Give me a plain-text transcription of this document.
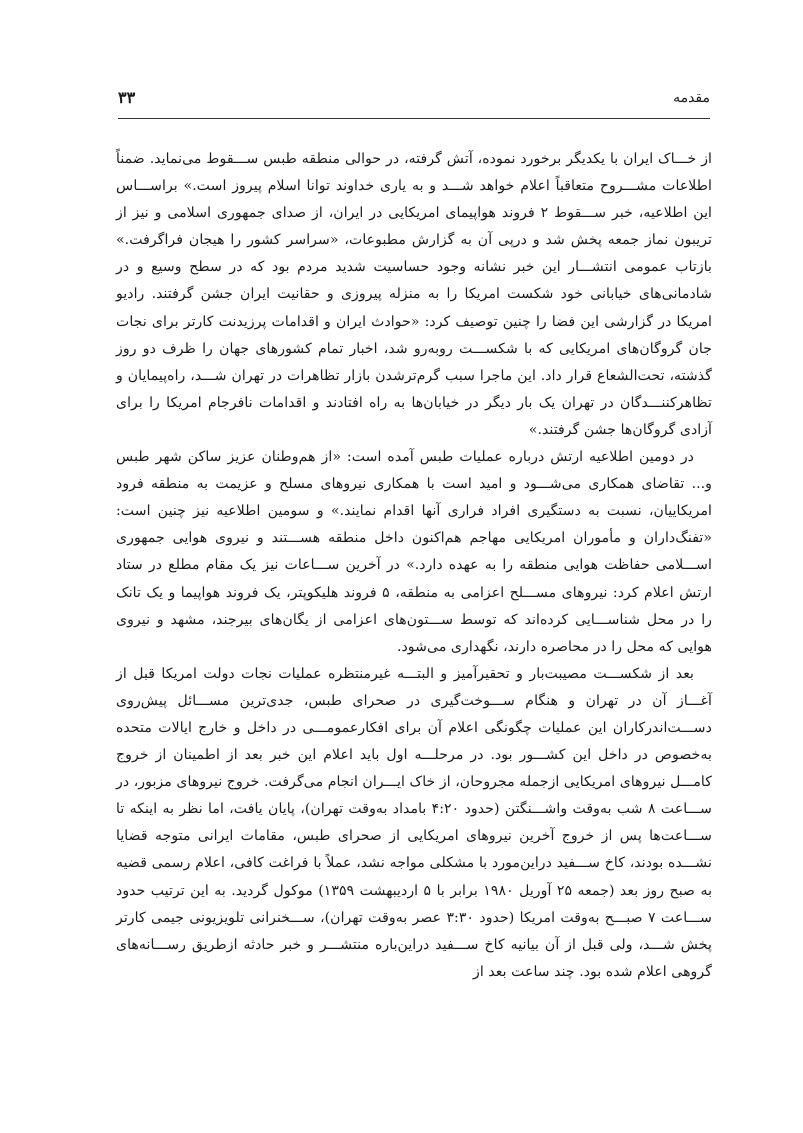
مقدمه
۳۳

از خـــاک ایران با یکدیگر برخورد نموده، آتش گرفته، در حوالی منطقه طبس ســـقوط می‌نماید. ضمناً اطلاعات مشـــروح متعاقباً اعلام خواهد شـــد و به یاری خداوند توانا اسلام پیروز است.» براســـاس این اطلاعیه، خبر ســـقوط ۲ فروند هواپیمای امریکایی در ایران، از صدای جمهوری اسلامی و نیز از تریبون نماز جمعه پخش شد و درپی آن به گزارش مطبوعات، «سراسر کشور را هیجان فراگرفت.» بازتاب عمومی انتشـــار این خبر نشانه وجود حساسیت شدید مردم بود که در سطح وسیع و در شادمانی‌های خیابانی خود شکست امریکا را به منزله پیروزی و حقانیت ایران جشن گرفتند. رادیو امریکا در گزارشی این فضا را چنین توصیف کرد: «حوادث ایران و اقدامات پرزیدنت کارتر برای نجات جان گروگان‌های امریکایی که با شکســـت روبه‌رو شد، اخبار تمام کشورهای جهان را ظرف دو روز گذشته، تحت‌الشعاع قرار داد. این ماجرا سبب گرم‌ترشدن بازار تظاهرات در تهران شـــد، راه‌پیمایان و تظاهرکننـــدگان در تهران یک بار دیگر در خیابان‌ها به راه افتادند و اقدامات نافرجام امریکا را برای آزادی گروگان‌ها جشن گرفتند.»

در دومین اطلاعیه ارتش درباره عملیات طبس آمده است: «از هم‌وطنان عزیز ساکن شهر طبس و... تقاضای همکاری می‌شـــود و امید است با همکاری نیروهای مسلح و عزیمت به منطقه فرود امریکاییان، نسبت به دستگیری افراد فراری آنها اقدام نمایند.» و سومین اطلاعیه نیز چنین است: «تفنگ‌داران و مأموران امریکایی مهاجم هم‌اکنون داخل منطقه هســـتند و نیروی هوایی جمهوری اســـلامی حفاظت هوایی منطقه را به عهده دارد.» در آخرین ســـاعات نیز یک مقام مطلع در ستاد ارتش اعلام کرد: نیروهای مســـلح اعزامی به منطقه، ۵ فروند هلیکوپتر، یک فروند هواپیما و یک تانک را در محل شناســـایی کرده‌اند که توسط ســـتون‌های اعزامی از یگان‌های بیرجند، مشهد و نیروی هوایی که محل را در محاصره دارند، نگهداری می‌شود.

بعد از شکســـت مصیبت‌بار و تحقیرآمیز و البتـــه غیرمنتظره عملیات نجات دولت امریکا قبل از آغـــاز آن در تهران و هنگام ســـوخت‌گیری در صحرای طبس، جدی‌ترین مســـائل پیش‌روی دســـت‌اندرکاران این عملیات چگونگی اعلام آن برای افکارعمومـــی در داخل و خارج ایالات متحده به‌خصوص در داخل این کشـــور بود. در مرحلـــه اول باید اعلام این خبر بعد از اطمینان از خروج کامـــل نیروهای امریکایی ازجمله مجروحان، از خاک ایـــران انجام می‌گرفت. خروج نیروهای مزبور، در ســـاعت ۸ شب به‌وقت واشـــنگتن (حدود ۴:۲۰ بامداد به‌وقت تهران)، پایان یافت، اما نظر به اینکه تا ســـاعت‌ها پس از خروج آخرین نیروهای امریکایی از صحرای طبس، مقامات ایرانی متوجه قضایا نشـــده بودند، کاخ ســـفید دراین‌مورد با مشکلی مواجه نشد، عملاً با فراغت کافی، اعلام رسمی قضیه به صبح روز بعد (جمعه ۲۵ آوریل ۱۹۸۰ برابر با ۵ اردیبهشت ۱۳۵۹) موکول گردید. به این ترتیب حدود ســـاعت ۷ صبـــح به‌وقت امریکا (حدود ۳:۳۰ عصر به‌وقت تهران)، ســـخنرانی تلویزیونی جیمی کارتر پخش شـــد، ولی قبل از آن بیانیه کاخ ســـفید دراین‌باره منتشـــر و خبر حادثه ازطریق رســـانه‌های گروهی اعلام شده بود. چند ساعت بعد از
